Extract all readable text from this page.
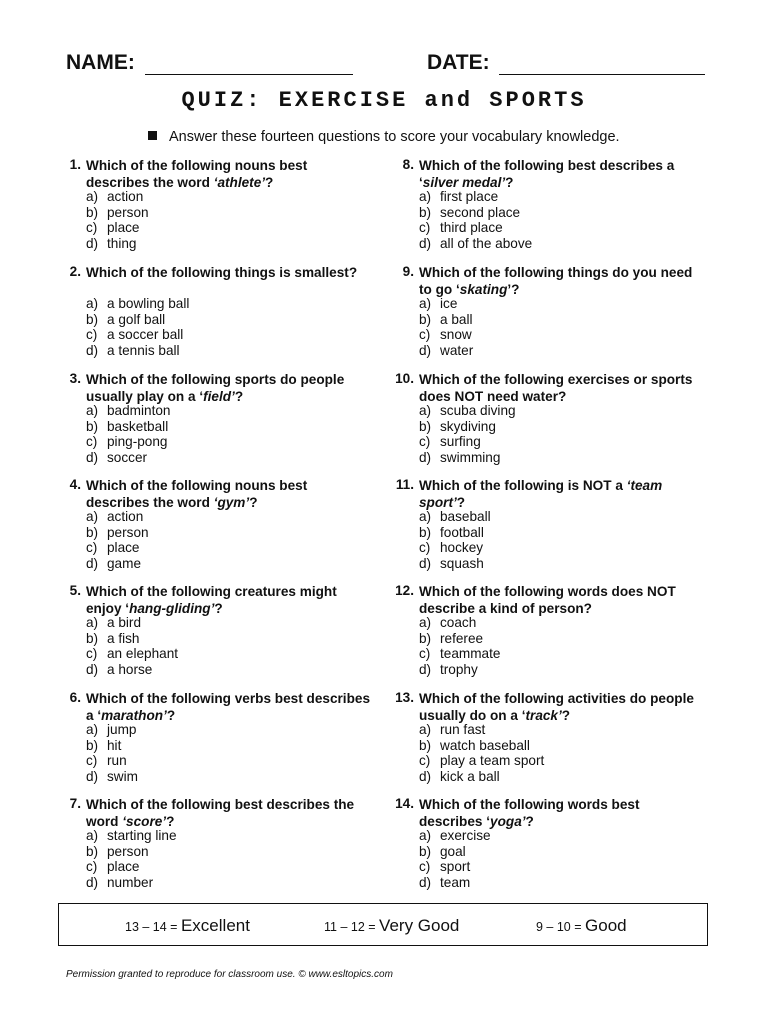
NAME:	DATE:
QUIZ: EXERCISE and SPORTS
Answer these fourteen questions to score your vocabulary knowledge.
1. Which of the following nouns best describes the word ‘athlete’?
a) action
b) person
c) place
d) thing
2. Which of the following things is smallest?
a) a bowling ball
b) a golf ball
c) a soccer ball
d) a tennis ball
3. Which of the following sports do people usually play on a ‘field’?
a) badminton
b) basketball
c) ping-pong
d) soccer
4. Which of the following nouns best describes the word ‘gym’?
a) action
b) person
c) place
d) game
5. Which of the following creatures might enjoy ‘hang-gliding’?
a) a bird
b) a fish
c) an elephant
d) a horse
6. Which of the following verbs best describes a ‘marathon’?
a) jump
b) hit
c) run
d) swim
7. Which of the following best describes the word ‘score’?
a) starting line
b) person
c) place
d) number
8. Which of the following best describes a ‘silver medal’?
a) first place
b) second place
c) third place
d) all of the above
9. Which of the following things do you need to go ‘skating’?
a) ice
b) a ball
c) snow
d) water
10. Which of the following exercises or sports does NOT need water?
a) scuba diving
b) skydiving
c) surfing
d) swimming
11. Which of the following is NOT a ‘team sport’?
a) baseball
b) football
c) hockey
d) squash
12. Which of the following words does NOT describe a kind of person?
a) coach
b) referee
c) teammate
d) trophy
13. Which of the following activities do people usually do on a ‘track’?
a) run fast
b) watch baseball
c) play a team sport
d) kick a ball
14. Which of the following words best describes ‘yoga’?
a) exercise
b) goal
c) sport
d) team
13 – 14 = Excellent	11 – 12 = Very Good	9 – 10 = Good
Permission granted to reproduce for classroom use. © www.esltopics.com
